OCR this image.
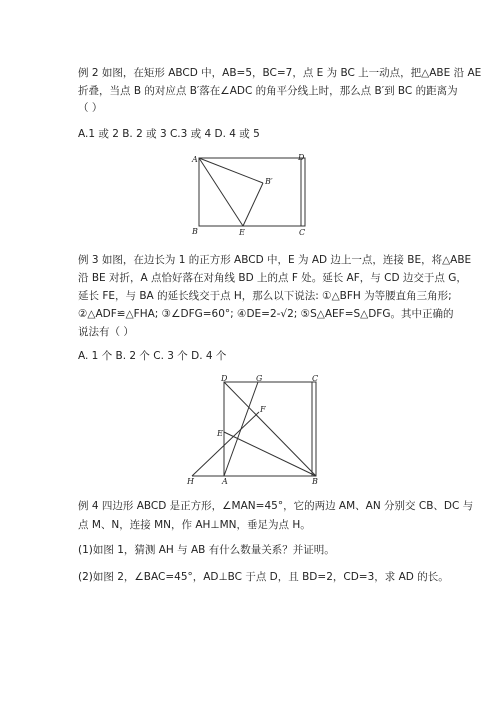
例 2 如图，在矩形 ABCD 中，AB=5，BC=7，点 E 为 BC 上一动点，把△ABE 沿 AE
折叠，当点 B 的对应点 B′落在∠ADC 的角平分线上时，那么点 B′到 BC 的距离为
（ ）
A.1 或 2 B. 2 或 3 C.3 或 4 D. 4 或 5
A	D
B′
B	E	C
例 3 如图，在边长为 1 的正方形 ABCD 中，E 为 AD 边上一点，连接 BE，将△ABE
沿 BE 对折，A 点恰好落在对角线 BD 上的点 F 处。延长 AF，与 CD 边交于点 G，
延长 FE，与 BA 的延长线交于点 H，那么以下说法: ①△BFH 为等腰直角三角形;
②△ADF≌△FHA; ③∠DFG=60°; ④DE=2-√2; ⑤S△AEF=S△DFG。其中正确的
说法有（ ）
A. 1 个 B. 2 个 C. 3 个 D. 4 个
D	G	C
F
E
H	A	B
例 4 四边形 ABCD 是正方形，∠MAN=45°，它的两边 AM、AN 分别交 CB、DC 与
点 M、N，连接 MN，作 AH⊥MN，垂足为点 H。
(1)如图 1，猜测 AH 与 AB 有什么数量关系？并证明。
(2)如图 2，∠BAC=45°，AD⊥BC 于点 D，且 BD=2，CD=3，求 AD 的长。
